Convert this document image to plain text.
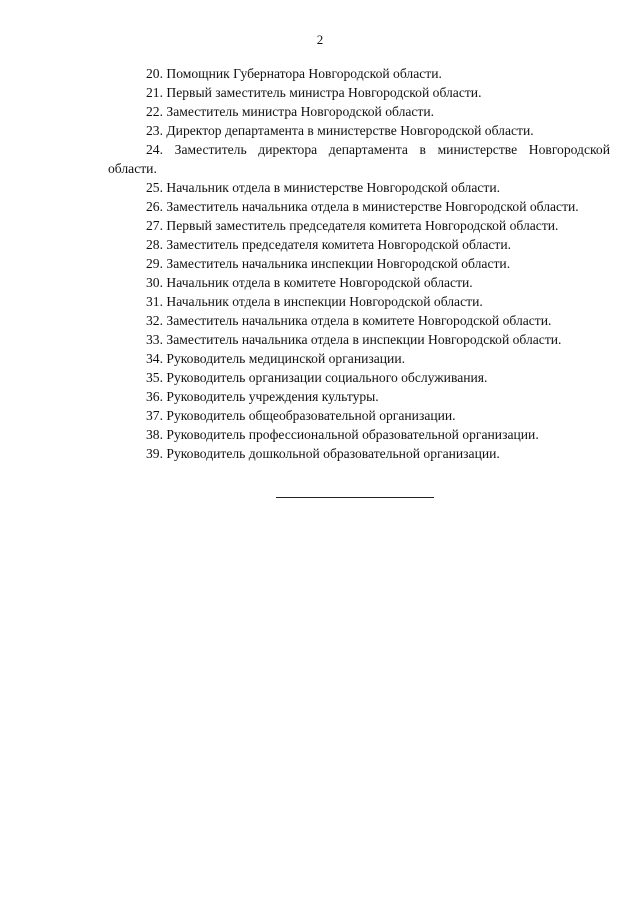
2

20. Помощник Губернатора Новгородской области.

21. Первый заместитель министра Новгородской области.

22. Заместитель министра Новгородской области.

23. Директор департамента в министерстве Новгородской области.

24. Заместитель директора департамента в министерстве Новгородской области.

25. Начальник отдела в министерстве Новгородской области.

26. Заместитель начальника отдела в министерстве Новгородской области.

27. Первый заместитель председателя комитета Новгородской области.

28. Заместитель председателя комитета Новгородской области.

29. Заместитель начальника инспекции Новгородской области.

30. Начальник отдела в комитете Новгородской области.

31. Начальник отдела в инспекции Новгородской области.

32. Заместитель начальника отдела в комитете Новгородской области.

33. Заместитель начальника отдела в инспекции Новгородской области.

34. Руководитель медицинской организации.

35. Руководитель организации социального обслуживания.

36. Руководитель учреждения культуры.

37. Руководитель общеобразовательной организации.

38. Руководитель профессиональной образовательной организации.

39. Руководитель дошкольной образовательной организации.
